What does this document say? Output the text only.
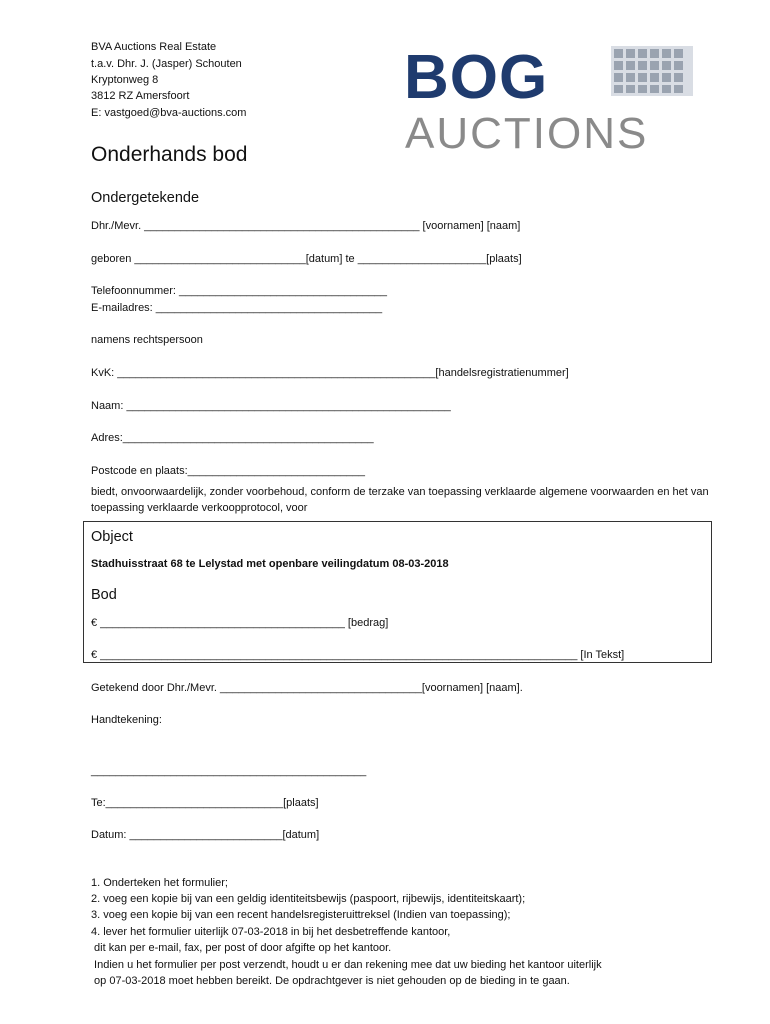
BVA Auctions Real Estate
t.a.v. Dhr. J. (Jasper) Schouten
Kryptonweg 8
3812 RZ Amersfoort
E: vastgoed@bva-auctions.com
BOG
AUCTIONS
Onderhands bod
Ondergetekende
Dhr./Mevr. _____________________________________________ [voornamen] [naam]
geboren ____________________________[datum] te _____________________[plaats]
Telefoonnummer: __________________________________
E-mailadres: _____________________________________
namens rechtspersoon
KvK: ____________________________________________________[handelsregistratienummer]
Naam: _____________________________________________________
Adres:_________________________________________
Postcode en plaats:_____________________________
biedt, onvoorwaardelijk, zonder voorbehoud, conform de terzake van toepassing verklaarde algemene voorwaarden en het van toepassing verklaarde verkoopprotocol, voor
Object
Stadhuisstraat 68 te Lelystad met openbare veilingdatum 08-03-2018
Bod
€ ________________________________________ [bedrag]
€ ______________________________________________________________________________ [In Tekst]
Getekend door Dhr./Mevr. _________________________________[voornamen] [naam].
Handtekening:
_____________________________________________
Te:_____________________________[plaats]
Datum: _________________________[datum]
1. Onderteken het formulier;
2. voeg een kopie bij van een geldig identiteitsbewijs (paspoort, rijbewijs, identiteitskaart);
3. voeg een kopie bij van een recent handelsregisteruittreksel (Indien van toepassing);
4. lever het formulier uiterlijk 07-03-2018 in bij het desbetreffende kantoor,
dit kan per e-mail, fax, per post of door afgifte op het kantoor.
Indien u het formulier per post verzendt, houdt u er dan rekening mee dat uw bieding het kantoor uiterlijk
op 07-03-2018 moet hebben bereikt. De opdrachtgever is niet gehouden op de bieding in te gaan.
